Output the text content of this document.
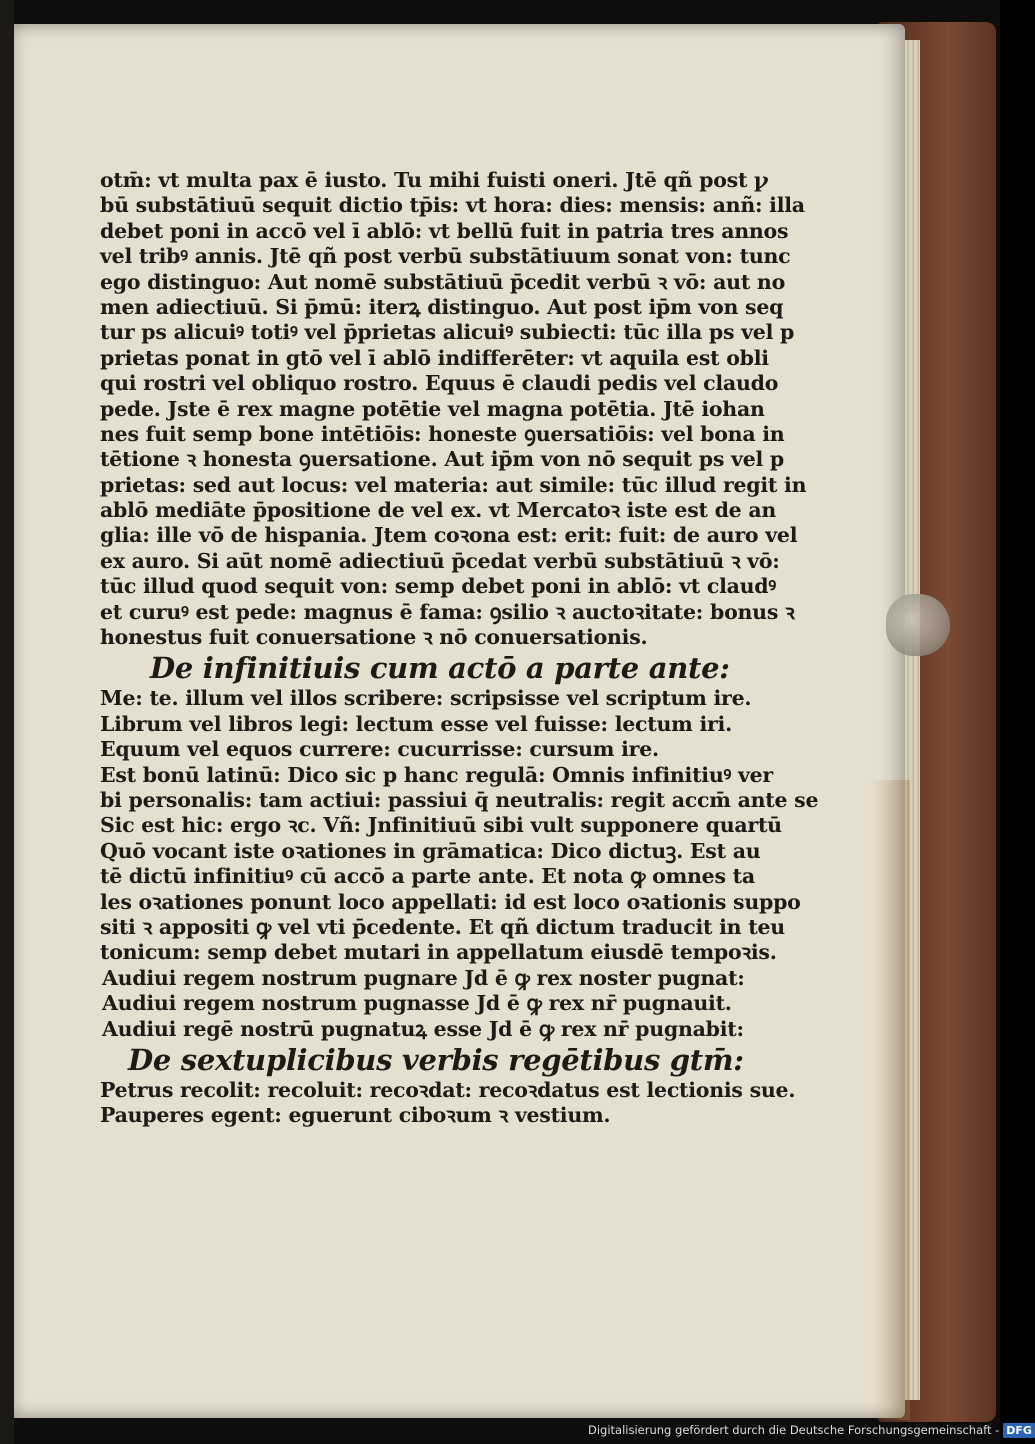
otm̄: vt multa pax ē iusto. Tu mihi fuisti oneri. Jtē qñ post ꝩ
bū substātiuū sequit dictio tp̄is: vt hora: dies: mensis: anñ: illa
debet poni in accō vel ī ablō: vt bellū fuit in patria tres annos
vel tribꝰ annis. Jtē qñ post verbū substātiuum sonat von: tunc
ego distinguo: Aut nomē substātiuū p̄cedit verbū ꝛ vō: aut no
men adiectiuū. Si p̄mū: iterꝝ distinguo. Aut post ip̄m von seq
tur ps alicuiꝰ totiꝰ vel p̄prietas alicuiꝰ subiecti: tūc illa ps vel p
prietas ponat in gtō vel ī ablō indifferēter: vt aquila est obli
qui rostri vel obliquo rostro. Equus ē claudi pedis vel claudo
pede. Jste ē rex magne potētie vel magna potētia. Jtē iohan
nes fuit semp bone intētiōis: honeste ꝯuersatiōis: vel bona in
tētione ꝛ honesta ꝯuersatione. Aut ip̄m von nō sequit ps vel p
prietas: sed aut locus: vel materia: aut simile: tūc illud regit in
ablō mediāte p̄positione de vel ex. vt Mercatoꝛ iste est de an
glia: ille vō de hispania. Jtem coꝛona est: erit: fuit: de auro vel
ex auro. Si aūt nomē adiectiuū p̄cedat verbū substātiuū ꝛ vō:
tūc illud quod sequit von: semp debet poni in ablō: vt claudꝰ
et curuꝰ est pede: magnus ē fama: ꝯsilio ꝛ auctoꝛitate: bonus ꝛ
honestus fuit conuersatione ꝛ nō conuersationis.
De infinitiuis cum actō a parte ante:
Me: te. illum vel illos scribere: scripsisse vel scriptum ire.
Librum vel libros legi: lectum esse vel fuisse: lectum iri.
Equum vel equos currere: cucurrisse: cursum ire.
Est bonū latinū: Dico sic p hanc regulā: Omnis infinitiuꝰ ver
bi personalis: tam actiui: passiui q̄ neutralis: regit accm̄ ante se
Sic est hic: ergo ꝛc. Vñ: Jnfinitiuū sibi vult supponere quartū
Quō vocant iste oꝛationes in grāmatica: Dico dictuꝫ. Est au
tē dictū infinitiuꝰ cū accō a parte ante. Et nota ꝙ omnes ta
les oꝛationes ponunt loco appellati: id est loco oꝛationis suppo
siti ꝛ appositi ꝙ vel vti p̄cedente. Et qñ dictum traducit in teu
tonicum: semp debet mutari in appellatum eiusdē tempoꝛis.
Audiui regem nostrum pugnare Jd ē ꝙ rex noster pugnat:
Audiui regem nostrum pugnasse Jd ē ꝙ rex nr̄ pugnauit.
Audiui regē nostrū pugnatuꝝ esse Jd ē ꝙ rex nr̄ pugnabit:
De sextuplicibus verbis regētibus gtm̄:
Petrus recolit: recoluit: recoꝛdat: recoꝛdatus est lectionis sue.
Pauperes egent: eguerunt ciboꝛum ꝛ vestium.
Digitalisierung gefördert durch die Deutsche Forschungsgemeinschaft - DFG
